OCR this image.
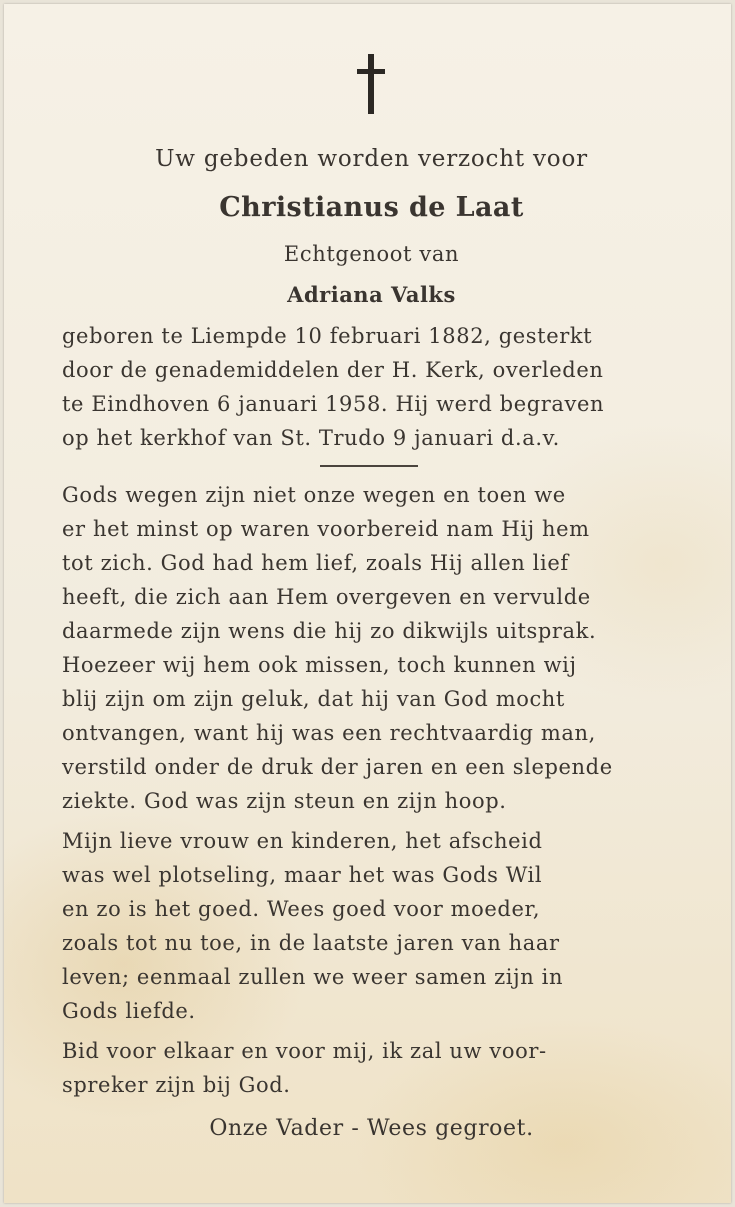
Uw gebeden worden verzocht voor
Christianus de Laat
Echtgenoot van
Adriana Valks
geboren te Liempde 10 februari 1882, gesterkt
door de genademiddelen der H. Kerk, overleden
te Eindhoven 6 januari 1958. Hij werd begraven
op het kerkhof van St. Trudo 9 januari d.a.v.
Gods wegen zijn niet onze wegen en toen we
er het minst op waren voorbereid nam Hij hem
tot zich. God had hem lief, zoals Hij allen lief
heeft, die zich aan Hem overgeven en vervulde
daarmede zijn wens die hij zo dikwijls uitsprak.
Hoezeer wij hem ook missen, toch kunnen wij
blij zijn om zijn geluk, dat hij van God mocht
ontvangen, want hij was een rechtvaardig man,
verstild onder de druk der jaren en een slepende
ziekte. God was zijn steun en zijn hoop.
Mijn lieve vrouw en kinderen, het afscheid
was wel plotseling, maar het was Gods Wil
en zo is het goed. Wees goed voor moeder,
zoals tot nu toe, in de laatste jaren van haar
leven; eenmaal zullen we weer samen zijn in
Gods liefde.
Bid voor elkaar en voor mij, ik zal uw voor-
spreker zijn bij God.
Onze Vader - Wees gegroet.
